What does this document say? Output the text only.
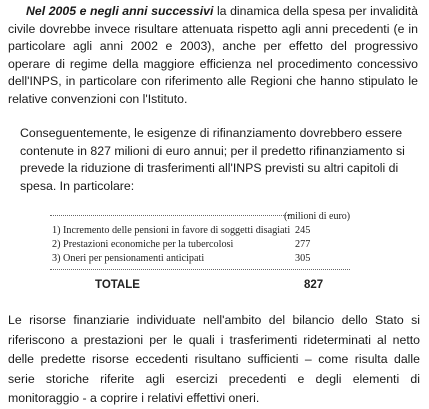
Nel 2005 e negli anni successivi la dinamica della spesa per invalidità civile dovrebbe invece risultare attenuata rispetto agli anni precedenti (e in particolare agli anni 2002 e 2003), anche per effetto del progressivo operare di regime della maggiore efficienza nel procedimento concessivo dell'INPS, in particolare con riferimento alle Regioni che hanno stipulato le relative convenzioni con l'Istituto.

Conseguentemente, le esigenze di rifinanziamento dovrebbero essere contenute in 827 milioni di euro annui; per il predetto rifinanziamento si prevede la riduzione di trasferimenti all'INPS previsti su altri capitoli di spesa. In particolare:

(milioni di euro)
1) Incremento delle pensioni in favore di soggetti disagiati 245
2) Prestazioni economiche per la tubercolosi	277
3) Oneri per pensionamenti anticipati	305
TOTALE	827

Le risorse finanziarie individuate nell'ambito del bilancio dello Stato si riferiscono a prestazioni per le quali i trasferimenti rideterminati al netto delle predette risorse eccedenti risultano sufficienti – come risulta dalle serie storiche riferite agli esercizi precedenti e degli elementi di monitoraggio - a coprire i relativi effettivi oneri.
